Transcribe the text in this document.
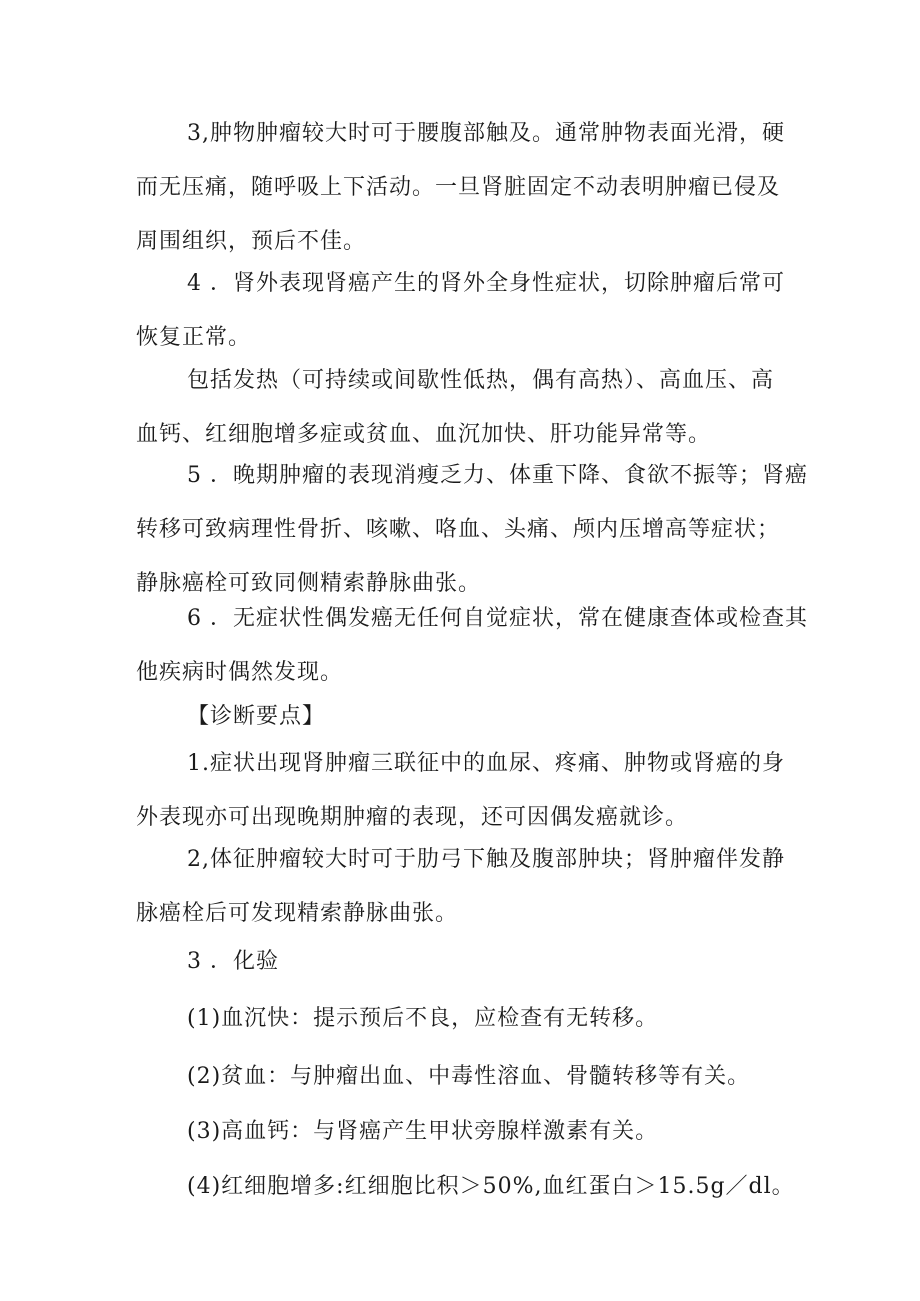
3,肿物肿瘤较大时可于腰腹部触及。通常肿物表面光滑，硬
而无压痛，随呼吸上下活动。一旦肾脏固定不动表明肿瘤已侵及
周围组织，预后不佳。
4 ．肾外表现肾癌产生的肾外全身性症状，切除肿瘤后常可
恢复正常。
包括发热（可持续或间歇性低热，偶有高热）、高血压、高
血钙、红细胞增多症或贫血、血沉加快、肝功能异常等。
5 ．晚期肿瘤的表现消瘦乏力、体重下降、食欲不振等；肾癌
转移可致病理性骨折、咳嗽、咯血、头痛、颅内压增高等症状；
静脉癌栓可致同侧精索静脉曲张。
6 ．无症状性偶发癌无任何自觉症状，常在健康查体或检查其
他疾病时偶然发现。
【诊断要点】
1.症状出现肾肿瘤三联征中的血尿、疼痛、肿物或肾癌的身
外表现亦可出现晚期肿瘤的表现，还可因偶发癌就诊。
2,体征肿瘤较大时可于肋弓下触及腹部肿块；肾肿瘤伴发静
脉癌栓后可发现精索静脉曲张。
3 ．化验
(1)血沉快：提示预后不良，应检查有无转移。
(2)贫血：与肿瘤出血、中毒性溶血、骨髓转移等有关。
(3)高血钙：与肾癌产生甲状旁腺样激素有关。
(4)红细胞增多:红细胞比积＞50%,血红蛋白＞15.5g／dl。
